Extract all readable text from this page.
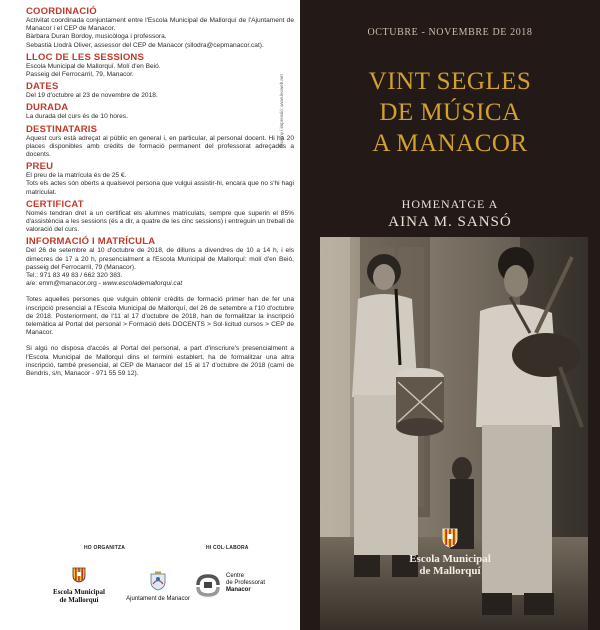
COORDINACIÓ

Activitat coordinada conjuntament entre l'Escola Municipal de Mallorquí de l'Ajuntament de Manacor i el CEP de Manacor.

Bàrbara Duran Bordoy, musicòloga i professora.

Sebastià Llodrà Oliver, assessor del CEP de Manacor (sllodra@cepmanacor.cat).

LLOC DE LES SESSIONS
Escola Municipal de Mallorquí. Molí d'en Beió.
Passeig del Ferrocarril, 79, Manacor.
DATES
Del 19 d'octubre al 23 de novembre de 2018.
DURADA
La durada del curs és de 10 hores.
DESTINATARIS

Aquest curs està adreçat al públic en general i, en particular, al personal docent. Hi ha 20 places disponibles amb crèdits de formació permanent del professorat adreçades a docents.

PREU
El preu de la matrícula és de 25 €.

Tots els actes són oberts a qualsevol persona que vulgui assistir-hi, encara que no s'hi hagi matriculat.

CERTIFICAT

Només tendran dret a un certificat els alumnes matriculats, sempre que superin el 85% d'assistència a les sessions (és a dir, a quatre de les cinc sessions) i entreguin un treball de valoració del curs.

INFORMACIÓ I MATRÍCULA

Del 26 de setembre al 10 d'octubre de 2018, de dilluns a divendres de 10 a 14 h, i els dimecres de 17 a 20 h, presencialment a l'Escola Municipal de Mallorquí: molí d'en Beió, passeig del Ferrocarril, 79 (Manacor).

Tel.: 971 83 49 83 / 662 320 383.
a/e: emm@manacor.org - www.escolademallorqui.cat

Totes aquelles persones que vulguin obtenir crèdits de formació primer han de fer una inscripció presencial a l'Escola Municipal de Mallorquí, del 26 de setembre a l'10 d'octubre de 2018. Posteriorment, de l'11 al 17 d'octubre de 2018, han de formalitzar la inscripció telemàtica al Portal del personal > Formació dels DOCENTS > Sol·licitud cursos > CEP de Manacor.

Si algú no disposa d'accés al Portal del personal, a part d'inscriure's presencialment a l'Escola Municipal de Mallorquí dins el termini establert, ha de formalitzar una altra inscripció, també presencial, al CEP de Manacor del 15 al 17 d'octubre de 2018 (camí de Bendris, s/n, Manacor - 971 55 59 12).

Disseny i impressió: www.leoweb.net
HO ORGANITZA	HI COL·LABORA
Escola Municipal
de Mallorquí	Ajuntament de Manacor
Centre
de Professorat
Manacor
OCTUBRE - NOVEMBRE DE 2018
VINT SEGLES
DE MÚSICA
A MANACOR
HOMENATGE A
AINA M. SANSÓ
Escola Municipal
de Mallorquí
